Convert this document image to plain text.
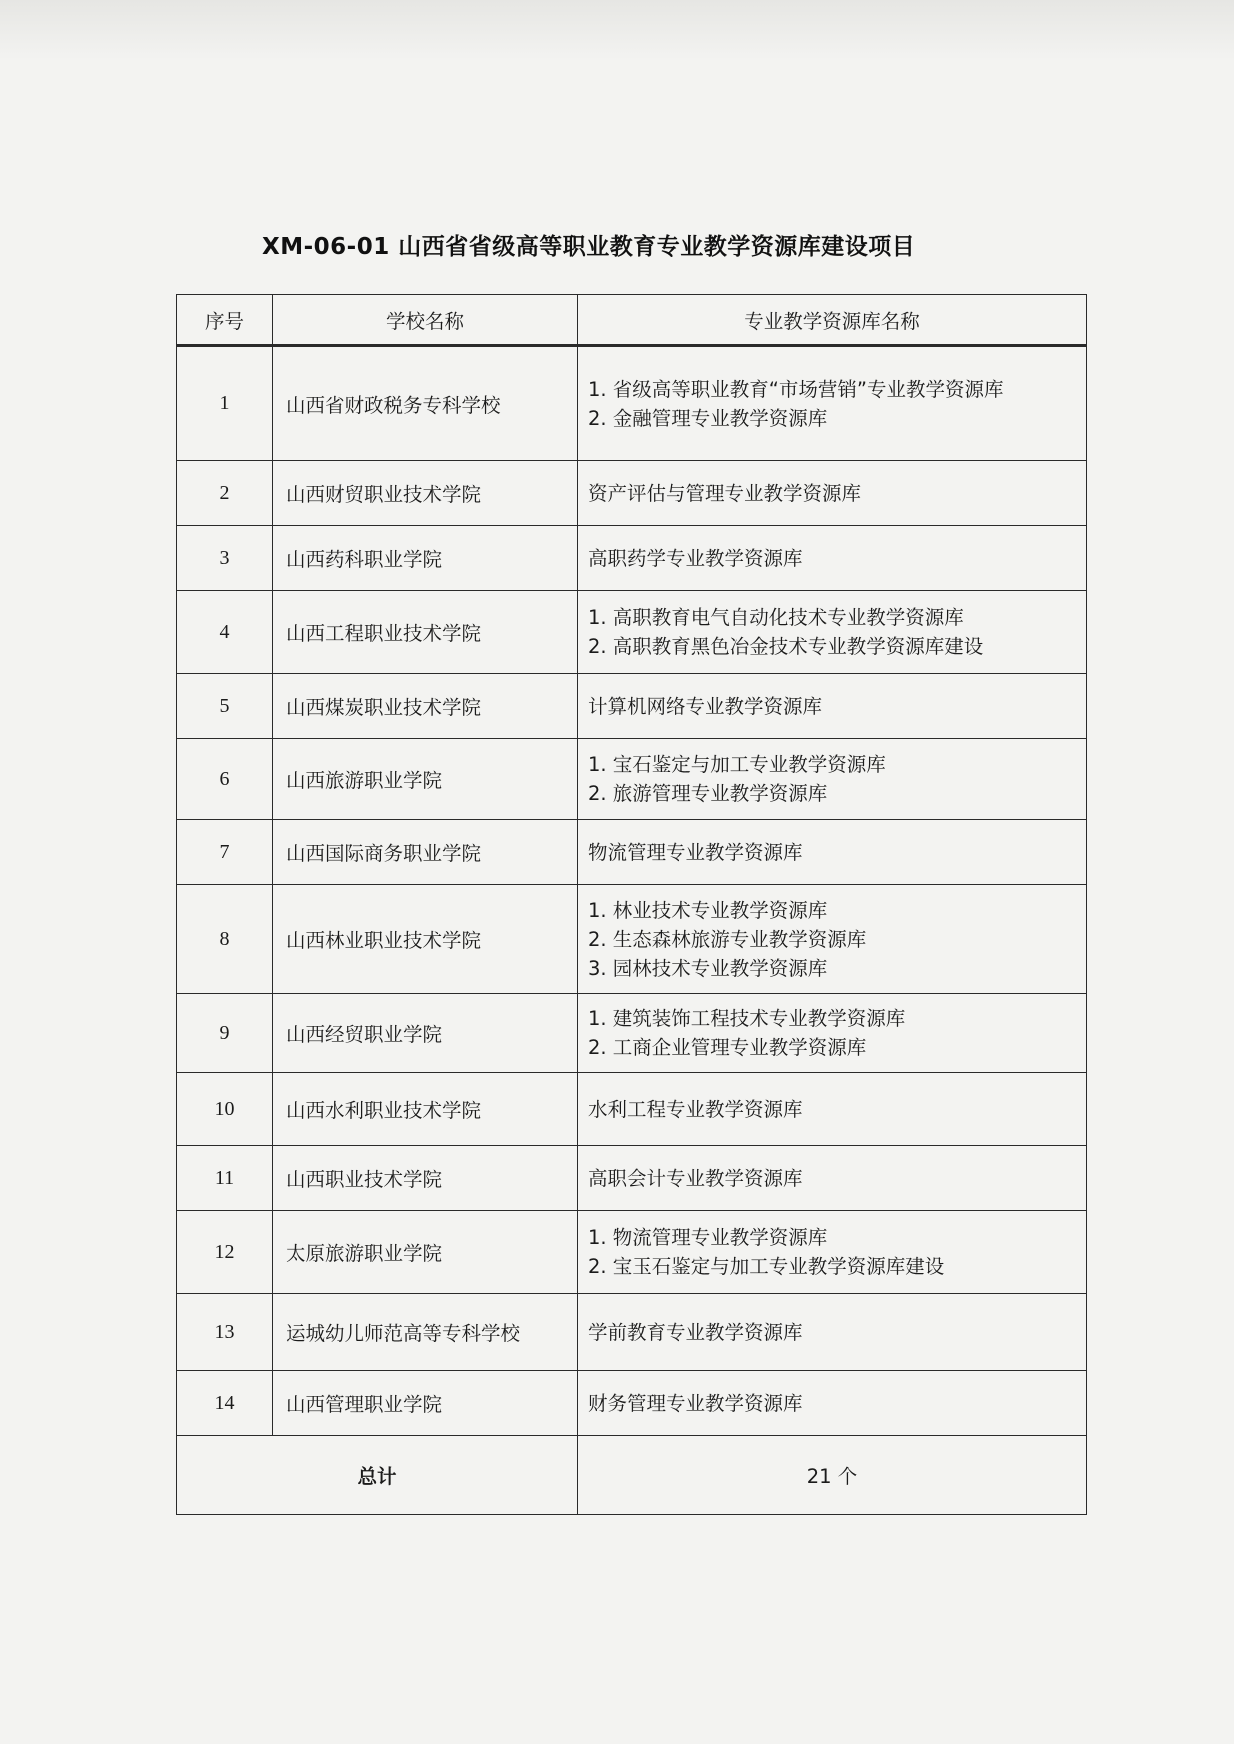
XM-06-01 山西省省级高等职业教育专业教学资源库建设项目
序号	学校名称	专业教学资源库名称
1	山西省财政税务专科学校	1. 省级高等职业教育“市场营销”专业教学资源库
2. 金融管理专业教学资源库

2	山西财贸职业技术学院	资产评估与管理专业教学资源库

3	山西药科职业学院	高职药学专业教学资源库

4	山西工程职业技术学院	1. 高职教育电气自动化技术专业教学资源库
2. 高职教育黑色冶金技术专业教学资源库建设

5	山西煤炭职业技术学院	计算机网络专业教学资源库

6	山西旅游职业学院	1. 宝石鉴定与加工专业教学资源库
2. 旅游管理专业教学资源库

7	山西国际商务职业学院	物流管理专业教学资源库

8	山西林业职业技术学院	1. 林业技术专业教学资源库
2. 生态森林旅游专业教学资源库
3. 园林技术专业教学资源库

9	山西经贸职业学院	1. 建筑装饰工程技术专业教学资源库
2. 工商企业管理专业教学资源库

10	山西水利职业技术学院	水利工程专业教学资源库

11	山西职业技术学院	高职会计专业教学资源库

12	太原旅游职业学院	1. 物流管理专业教学资源库
2. 宝玉石鉴定与加工专业教学资源库建设

13	运城幼儿师范高等专科学校	学前教育专业教学资源库

14	山西管理职业学院	财务管理专业教学资源库

总计		21 个
